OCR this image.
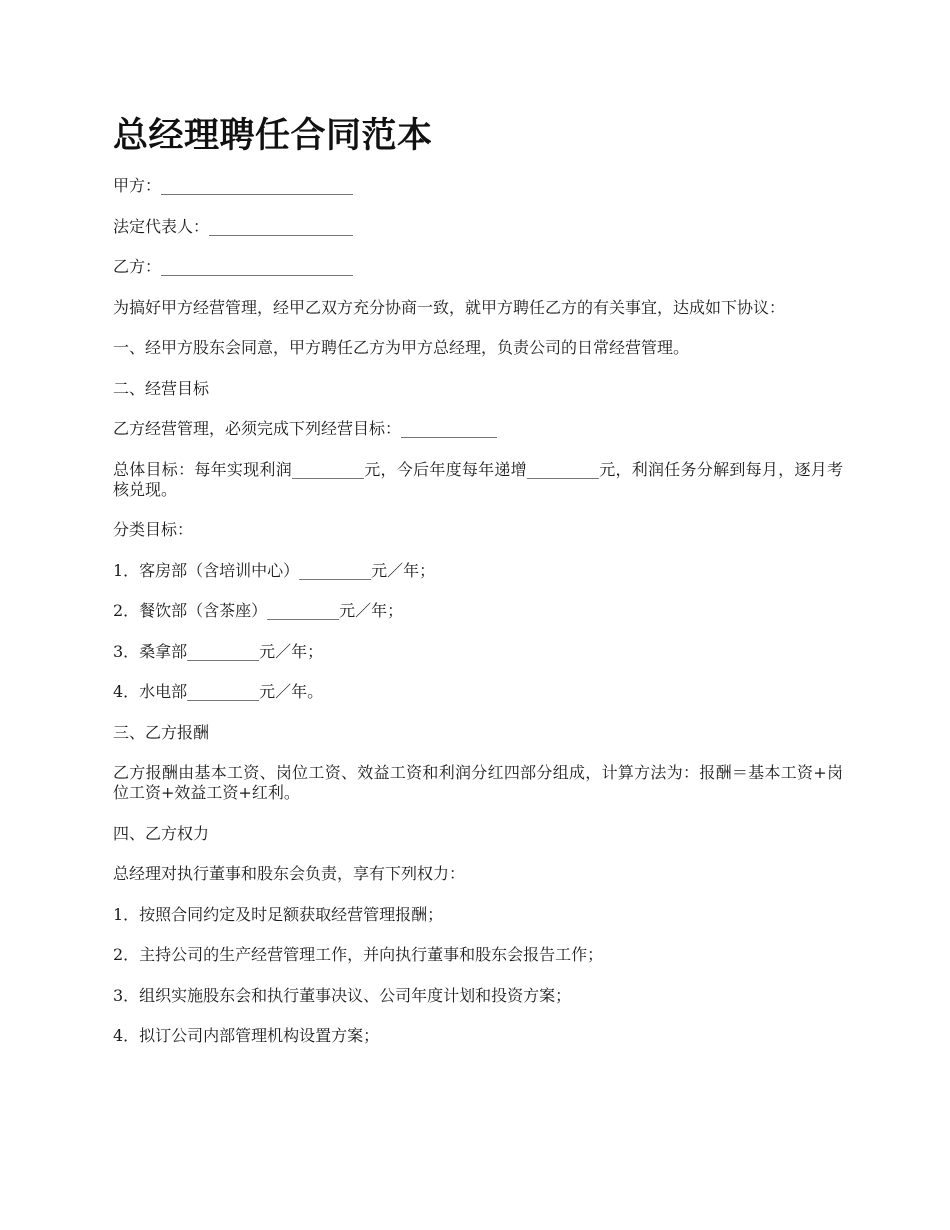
总经理聘任合同范本

甲方：________________________

法定代表人：__________________

乙方：________________________

为搞好甲方经营管理，经甲乙双方充分协商一致，就甲方聘任乙方的有关事宜，达成如下协议：

一、经甲方股东会同意，甲方聘任乙方为甲方总经理，负责公司的日常经营管理。

二、经营目标

乙方经营管理，必须完成下列经营目标：____________

总体目标：每年实现利润_________元，今后年度每年递增_________元，利润任务分解到每月，逐月考核兑现。

分类目标：

1．客房部（含培训中心）_________元／年；

2．餐饮部（含茶座）_________元／年；

3．桑拿部_________元／年；

4．水电部_________元／年。

三、乙方报酬

乙方报酬由基本工资、岗位工资、效益工资和利润分红四部分组成，计算方法为：报酬＝基本工资+岗位工资+效益工资+红利。

四、乙方权力

总经理对执行董事和股东会负责，享有下列权力：

1．按照合同约定及时足额获取经营管理报酬；

2．主持公司的生产经营管理工作，并向执行董事和股东会报告工作；

3．组织实施股东会和执行董事决议、公司年度计划和投资方案；

4．拟订公司内部管理机构设置方案；
